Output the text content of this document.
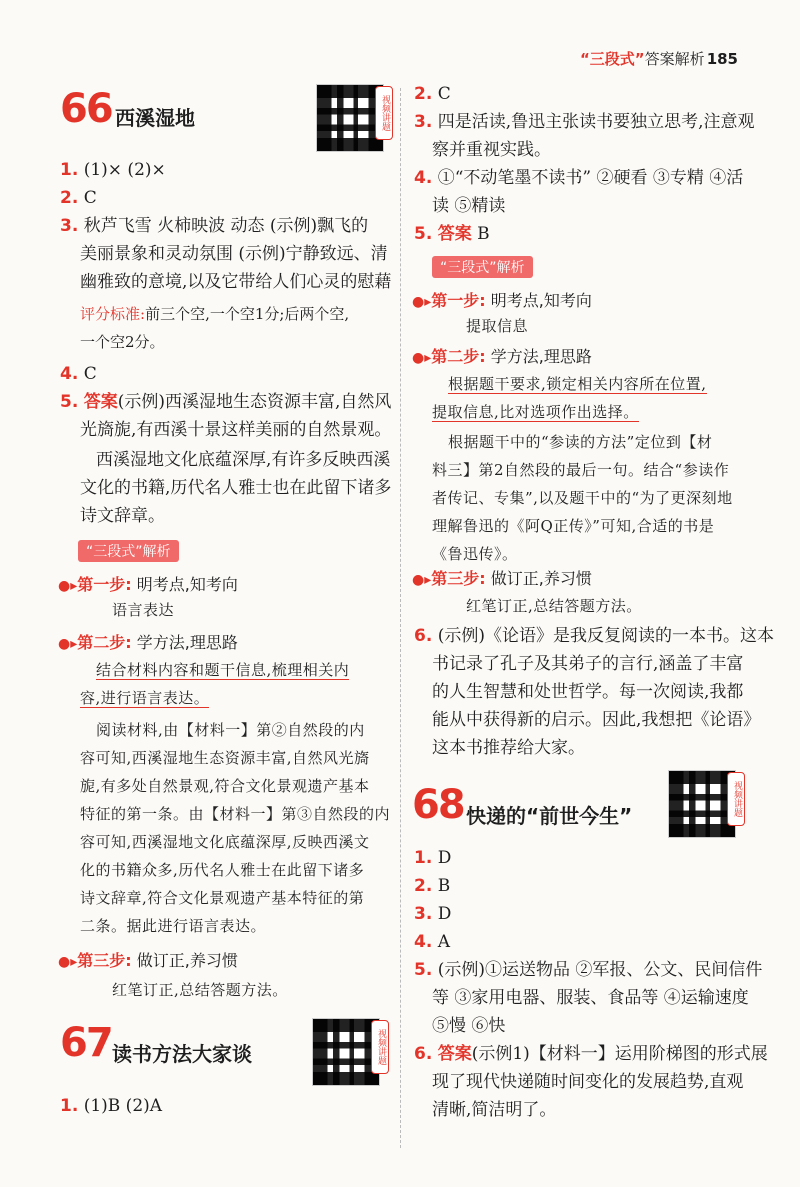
“三段式”答案解析 185
66 西溪湿地	视频讲题
1. (1)× (2)×
2. C
3. 秋芦飞雪 火柿映波 动态 (示例)飘飞的
美丽景象和灵动氛围 (示例)宁静致远、清
幽雅致的意境,以及它带给人们心灵的慰藉
评分标准:前三个空,一个空1分;后两个空,
一个空2分。
4. C
5. 答案(示例)西溪湿地生态资源丰富,自然风
光旖旎,有西溪十景这样美丽的自然景观。
西溪湿地文化底蕴深厚,有许多反映西溪
文化的书籍,历代名人雅士也在此留下诸多
诗文辞章。
“三段式”解析
●▸第一步: 明考点,知考向
语言表达
●▸第二步: 学方法,理思路
结合材料内容和题干信息,梳理相关内
容,进行语言表达。
阅读材料,由【材料一】第②自然段的内
容可知,西溪湿地生态资源丰富,自然风光旖
旎,有多处自然景观,符合文化景观遗产基本
特征的第一条。由【材料一】第③自然段的内
容可知,西溪湿地文化底蕴深厚,反映西溪文
化的书籍众多,历代名人雅士在此留下诸多
诗文辞章,符合文化景观遗产基本特征的第
二条。据此进行语言表达。
●▸第三步: 做订正,养习惯
红笔订正,总结答题方法。
67 读书方法大家谈	视频讲题
1. (1)B (2)A
2. C
3. 四是活读,鲁迅主张读书要独立思考,注意观
察并重视实践。
4. ①“不动笔墨不读书” ②硬看 ③专精 ④活
读 ⑤精读
5. 答案 B
“三段式”解析
●▸第一步: 明考点,知考向
提取信息
●▸第二步: 学方法,理思路
根据题干要求,锁定相关内容所在位置,
提取信息,比对选项作出选择。
根据题干中的“参读的方法”定位到【材
料三】第2自然段的最后一句。结合“参读作
者传记、专集”,以及题干中的“为了更深刻地
理解鲁迅的《阿Q正传》”可知,合适的书是
《鲁迅传》。
●▸第三步: 做订正,养习惯
红笔订正,总结答题方法。
6. (示例)《论语》是我反复阅读的一本书。这本
书记录了孔子及其弟子的言行,涵盖了丰富
的人生智慧和处世哲学。每一次阅读,我都
能从中获得新的启示。因此,我想把《论语》
这本书推荐给大家。
68 快递的“前世今生”	视频讲题
1. D
2. B
3. D
4. A
5. (示例)①运送物品 ②军报、公文、民间信件
等 ③家用电器、服装、食品等 ④运输速度
⑤慢 ⑥快
6. 答案(示例1)【材料一】运用阶梯图的形式展
现了现代快递随时间变化的发展趋势,直观
清晰,简洁明了。
